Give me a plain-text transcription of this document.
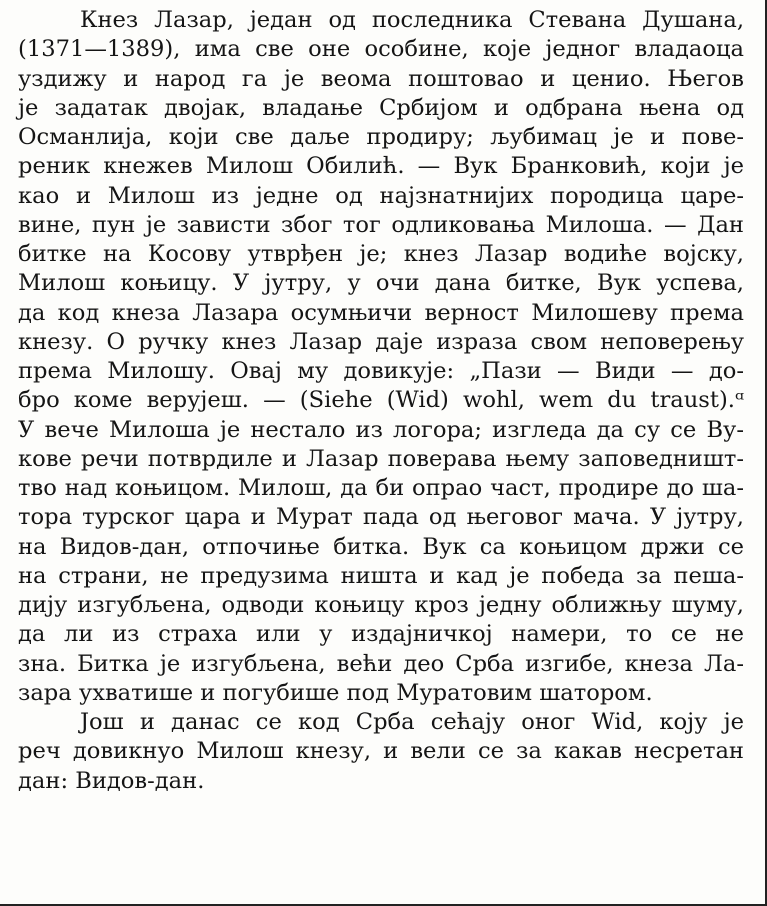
Кнез Лазар, један од последника Стевана Душана,
(1371—1389), има све оне особине, које једног владаоца
уздижу и народ га је веома поштовао и ценио. Његов
је задатак двојак, владање Србијом и одбрана њена од
Османлија, који све даље продиру; љубимац је и пове-
реник кнежев Милош Обилић. — Вук Бранковић, који је
као и Милош из једне од најзнатнијих породица царе-
вине, пун је зависти због тог одликовања Милоша. — Дан
битке на Косову утврђен је; кнез Лазар водиће војску,
Милош коњицу. У јутру, у очи дана битке, Вук успева,
да код кнеза Лазара осумњичи верност Милошеву према
кнезу. О ручку кнез Лазар даје израза свом неповерењу
према Милошу. Овај му довикује: „Пази — Види — до-
бро коме верујеш. — (Siehe (Wid) wohl, wem du traust).ᵅ
У вече Милоша је нестало из логора; изгледа да су се Ву-
кове речи потврдиле и Лазар поверава њему заповедништ-
тво над коњицом. Милош, да би опрао част, продире до ша-
тора турског цара и Мурат пада од његовог мача. У јутру,
на Видов-дан, отпочиње битка. Вук са коњицом држи се
на страни, не предузима ништа и кад је победа за пеша-
дију изгубљена, одводи коњицу кроз једну оближњу шуму,
да ли из страха или у издајничкој намери, то се не
зна. Битка је изгубљена, већи део Срба изгибе, кнеза Ла-
зара ухватише и погубише под Муратовим шатором.
Још и данас се код Срба сећају оног Wid, коју је
реч довикнуо Милош кнезу, и вели се за какав несретан
дан: Видов-дан.
